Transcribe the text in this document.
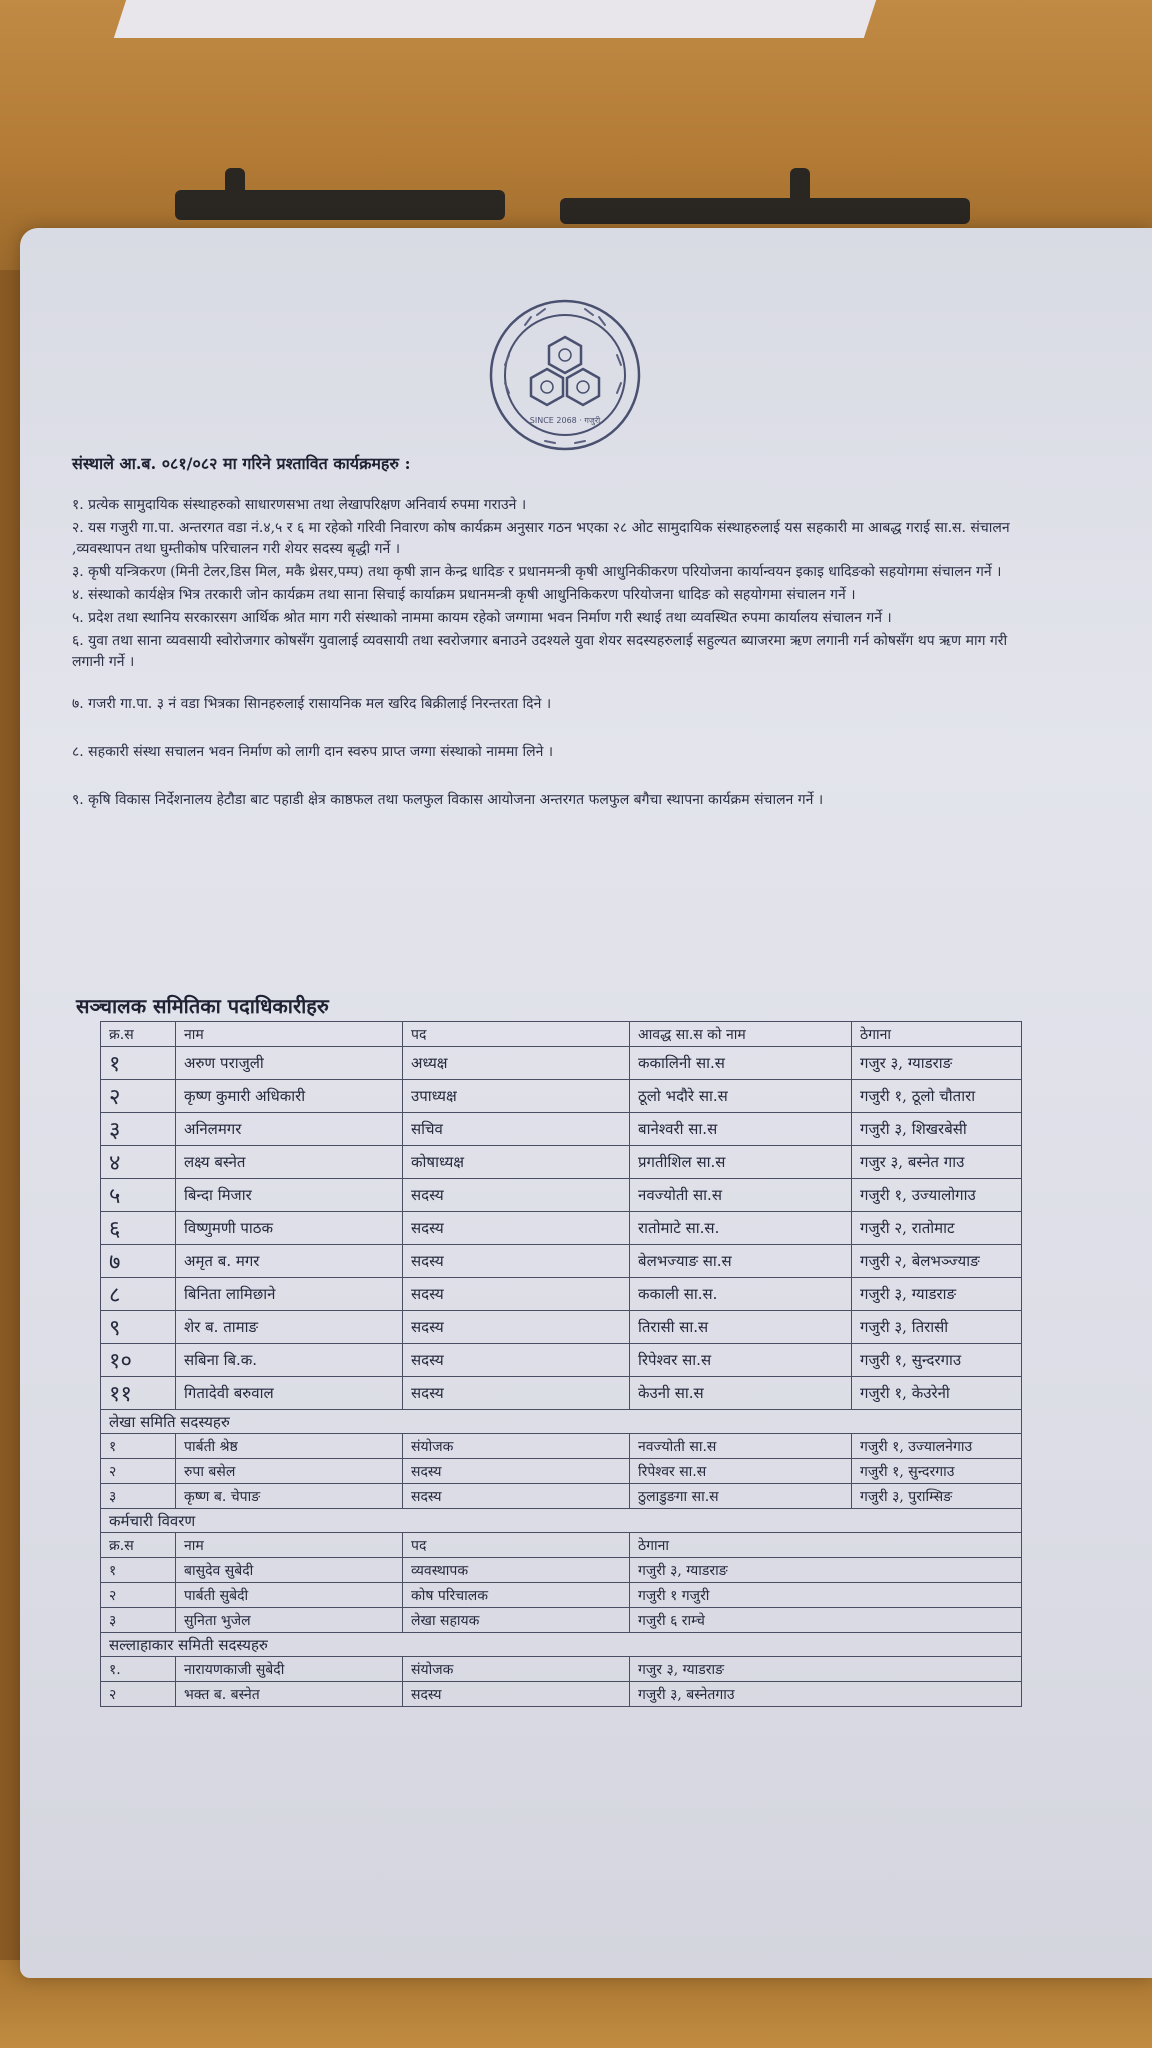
SINCE 2068 · गजुरी
संस्थाले आ.ब. ०८१/०८२ मा गरिने प्रश्तावित कार्यक्रमहरु :

१. प्रत्येक सामुदायिक संस्थाहरुको साधारणसभा तथा लेखापरिक्षण अनिवार्य रुपमा गराउने ।

२. यस गजुरी गा.पा. अन्तरगत वडा नं.४,५ र ६ मा रहेको गरिवी निवारण कोष कार्यक्रम अनुसार गठन भएका २८ ओट सामुदायिक संस्थाहरुलाई यस सहकारी मा आबद्ध गराई सा.स. संचालन ,व्यवस्थापन तथा घुम्तीकोष परिचालन गरी शेयर सदस्य बृद्धी गर्ने ।

३. कृषी यन्त्रिकरण (मिनी टेलर,डिस मिल, मकै थ्रेसर,पम्प) तथा कृषी ज्ञान केन्द्र धादिङ र प्रधानमन्त्री कृषी आधुनिकीकरण परियोजना कार्यान्वयन इकाइ धादिङको सहयोगमा संचालन गर्ने ।

४. संस्थाको कार्यक्षेत्र भित्र तरकारी जोन कार्यक्रम तथा साना सिचाई कार्याक्रम प्रधानमन्त्री कृषी आधुनिकिकरण परियोजना धादिङ को सहयोगमा संचालन गर्ने ।

५. प्रदेश तथा स्थानिय सरकारसग आर्थिक श्रोत माग गरी संस्थाको नाममा कायम रहेको जग्गामा भवन निर्माण गरी स्थाई तथा व्यवस्थित रुपमा कार्यालय संचालन गर्ने ।

६. युवा तथा साना व्यवसायी स्वोरोजगार कोषसँग युवालाई व्यवसायी तथा स्वरोजगार बनाउने उदश्यले युवा शेयर सदस्यहरुलाई सहुल्यत ब्याजरमा ऋण लगानी गर्न कोषसँग थप ऋण माग गरी लगानी गर्ने ।

७. गजरी गा.पा. ३ नं वडा भित्रका सिानहरुलाई रासायनिक मल खरिद बिक्रीलाई निरन्तरता दिने ।

८. सहकारी संस्था सचालन भवन निर्माण को लागी दान स्वरुप प्राप्त जग्गा संस्थाको नाममा लिने ।

९. कृषि विकास निर्देशनालय हेटौडा बाट पहाडी क्षेत्र काष्ठफल तथा फलफुल विकास आयोजना अन्तरगत फलफुल बगैचा स्थापना कार्यक्रम संचालन गर्ने ।

सञ्चालक समितिका पदाधिकारीहरु
क्र.स	नाम	पद	आवद्ध सा.स को नाम	ठेगाना
१	अरुण पराजुली	अध्यक्ष	ककालिनी सा.स	गजुर ३, ग्याडराङ
२	कृष्ण कुमारी अधिकारी	उपाध्यक्ष	ठूलो भदौरे सा.स	गजुरी १, ठूलो चौतारा
३	अनिलमगर	सचिव	बानेश्वरी सा.स	गजुरी ३, शिखरबेसी
४	लक्ष्य बस्नेत	कोषाध्यक्ष	प्रगतीशिल सा.स	गजुर ३, बस्नेत गाउ
५	बिन्दा मिजार	सदस्य	नवज्योती सा.स	गजुरी १, उज्यालोगाउ
६	विष्णुमणी पाठक	सदस्य	रातोमाटे सा.स.	गजुरी २, रातोमाट
७	अमृत ब. मगर	सदस्य	बेलभज्याङ सा.स	गजुरी २, बेलभञ्ज्याङ
८	बिनिता लामिछाने	सदस्य	ककाली सा.स.	गजुरी ३, ग्याडराङ
९	शेर ब. तामाङ	सदस्य	तिरासी सा.स	गजुरी ३, तिरासी
१०	सबिना बि.क.	सदस्य	रिपेश्वर सा.स	गजुरी १, सुन्दरगाउ
११	गितादेवी बरुवाल	सदस्य	केउनी सा.स	गजुरी १, केउरेनी
लेखा समिति सदस्यहरु				
१	पार्बती श्रेष्ठ	संयोजक	नवज्योती सा.स	गजुरी १, उज्यालनेगाउ
२	रुपा बसेल	सदस्य	रिपेश्वर सा.स	गजुरी १, सुन्दरगाउ
३	कृष्ण ब. चेपाङ	सदस्य	ठुलाडुङगा सा.स	गजुरी ३, पुराम्सिङ
कर्मचारी विवरण				
क्र.स	नाम	पद	ठेगाना	
१	बासुदेव सुबेदी	व्यवस्थापक	गजुरी ३, ग्याडराङ	
२	पार्बती सुबेदी	कोष परिचालक	गजुरी १ गजुरी	
३	सुनिता भुजेल	लेखा सहायक	गजुरी ६ राम्चे	
सल्लाहाकार समिती सदस्यहरु				
१.	नारायणकाजी सुबेदी	संयोजक	गजुर ३, ग्याडराङ	
२	भक्त ब. बस्नेत	सदस्य	गजुरी ३, बस्नेतगाउ	
